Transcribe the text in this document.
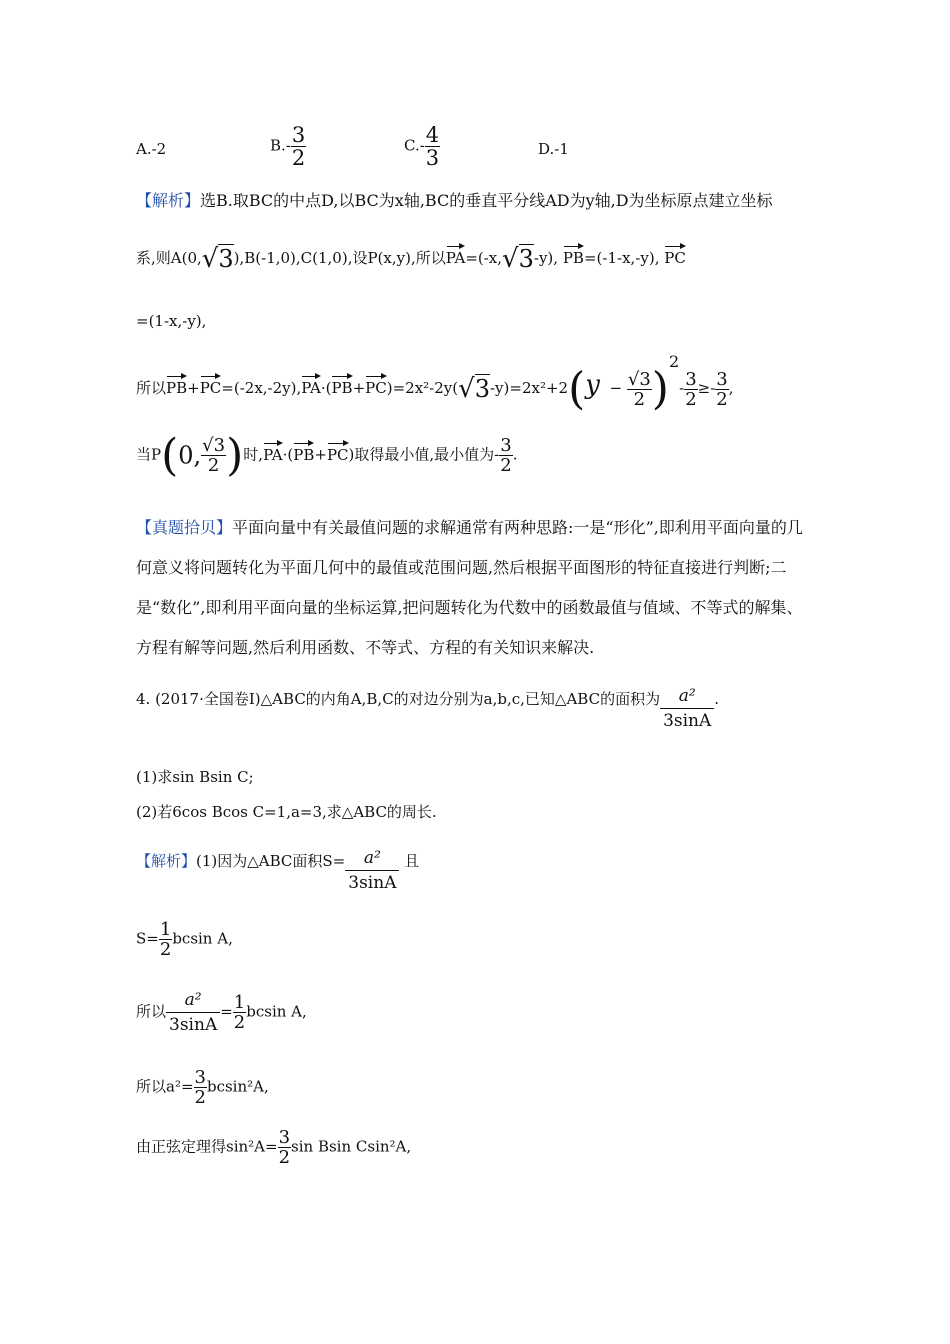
A.-2	$B.- \frac{3}{2}$	$C.- \frac{4}{3}$	D.-1
【解析】选B.取BC的中点D,以BC为x轴,BC的垂直平分线AD为y轴,D为坐标原点建立坐标
系,则A(0,√3),B(-1,0),C(1,0),设P(x,y),所以PA=(-x,√3-y), PB=(-1-x,-y), PC
=(1-x,-y),
所以$PB+PC=(-2x,-2y),PA\cdot(PB+PC)=2x^2-2y(√3-y)=2x^2+2(y - \frac{√3}{2} )^2- \frac{3}{2} \ge- \frac{3}{2}$ ,
当P(0, $\frac{√3}{2}$ )时,PA·(PB+PC)取得最小值,最小值为- $\frac{3}{2}$ .
【真题拾贝】平面向量中有关最值问题的求解通常有两种思路:一是“形化”,即利用平面向量的几何意义将问题转化为平面几何中的最值或范围问题,然后根据平面图形的特征直接进行判断;二是“数化”,即利用平面向量的坐标运算,把问题转化为代数中的函数最值与值域、不等式的解集、方程有解等问题,然后利用函数、不等式、方程的有关知识来解决.
4. (2017·全国卷Ⅰ)△ABC的内角A,B,C的对边分别为a,b,c,已知△ABC的面积为 $\frac{\text{a²}}{3\sin A}$ .
(1)求sin Bsin C;
(2)若6cos Bcos C=1,a=3,求△ABC的周长.
【解析】(1)因为△ABC面积$S= \frac{\text{a²}}{3\sin A}$ 且
$S= \frac{1}{2}$ bcsin A,
所以 $\frac{\text{a²}}{3\sin A} = \frac{1}{2}$ bcsin A,
所以$a^2= \frac{3}{2} bcsin^2A$,
由正弦定理得$\sin^2A= \frac{3}{2}$ sin Bsin Csin²A,
